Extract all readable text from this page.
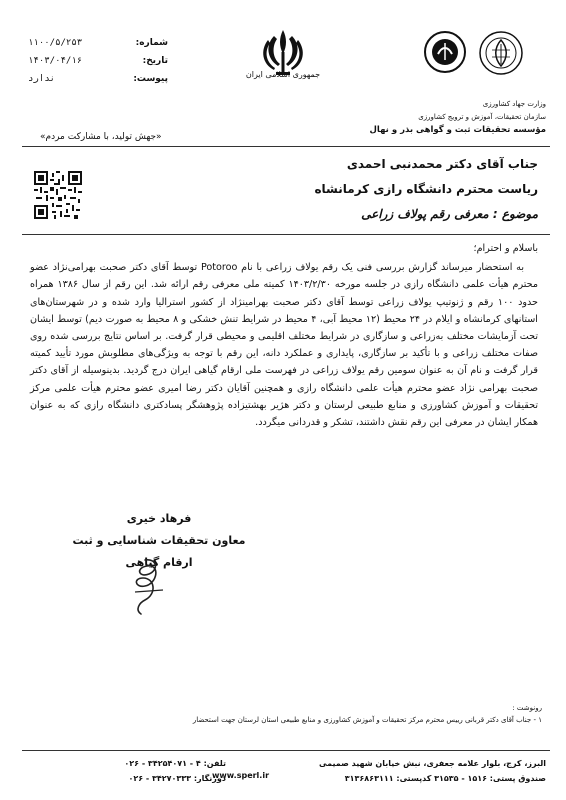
شماره:
۱۱۰۰/۵/۲۵۳
تاریخ:
۱۴۰۳/۰۴/۱۶
پیوست:
ندارد
«جهش تولید، با مشارکت مردم»
جمهوری اسلامی ایران
وزارت جهاد کشاورزی
سازمان تحقیقات، آموزش و ترویج کشاورزی
مؤسسه تحقیقات ثبت و گواهی بذر و نهال
جناب آقای دکتر محمدنبی احمدی
ریاست محترم دانشگاه رازی کرمانشاه
موضوع : معرفی رقم پولاف زراعی

باسلام و احترام؛

به استحضار میرساند گزارش بررسی فنی یک رقم یولاف زراعی با نام Potoroo توسط آقای دکتر صحبت بهرامی‌نژاد عضو محترم هیأت علمی دانشگاه رازی در جلسه مورخه ۱۴۰۳/۲/۳۰ کمیته ملی معرفی رقم ارائه شد. این رقم از سال ۱۳۸۶ همراه حدود ۱۰۰ رقم و ژنوتیپ یولاف زراعی توسط آقای دکتر صحبت بهرامینژاد از کشور استرالیا وارد شده و در شهرستان‌های استانهای کرمانشاه و ایلام در ۲۴ محیط (۱۲ محیط آبی، ۴ محیط در شرایط تنش خشکی و ۸ محیط به صورت دیم) توسط ایشان تحت آزمایشات مختلف به‌زراعی و سازگاری در شرایط مختلف اقلیمی و محیطی قرار گرفت. بر اساس نتایج بررسی شده روی صفات مختلف زراعی و با تأکید بر سازگاری، پایداری و عملکرد دانه، این رقم با توجه به ویژگی‌های مطلوبش مورد تأیید کمیته قرار گرفت و نام آن به عنوان سومین رقم یولاف زراعی در فهرست ملی ارقام گیاهی ایران درج گردید. بدینوسیله از آقای دکتر صحبت بهرامی نژاد عضو محترم هیأت علمی دانشگاه رازی و همچنین آقایان دکتر رضا امیری عضو محترم هیأت علمی مرکز تحقیقات و آموزش کشاورزی و منابع طبیعی لرستان و دکتر هژیر بهشتیزاده پژوهشگر پسادکتری دانشگاه رازی که به عنوان همکار ایشان در معرفی این رقم نقش داشتند، تشکر و قدردانی میگردد.

فرهاد خیری
معاون تحقیقات شناسایی و ثبت ارقام گیاهی
رونوشت :
۱ - جناب آقای دکتر قربانی رییس محترم مرکز تحقیقات و آموزش کشاورزی و منابع طبیعی استان لرستان جهت استحضار
البرز، کرج، بلوار علامه جعفری، نبش خیابان شهید صمیمی
صندوق پستی: ۱۵۱۶ - ۳۱۵۳۵ کدپستی: ۳۱۳۶۸۶۳۱۱۱
www.sperl.ir
تلفن: ۰۲۶ - ۳۴۲۵۴۰۷۱ - ۴
دورنگار: ۰۲۶ - ۳۴۲۷۰۳۳۳
